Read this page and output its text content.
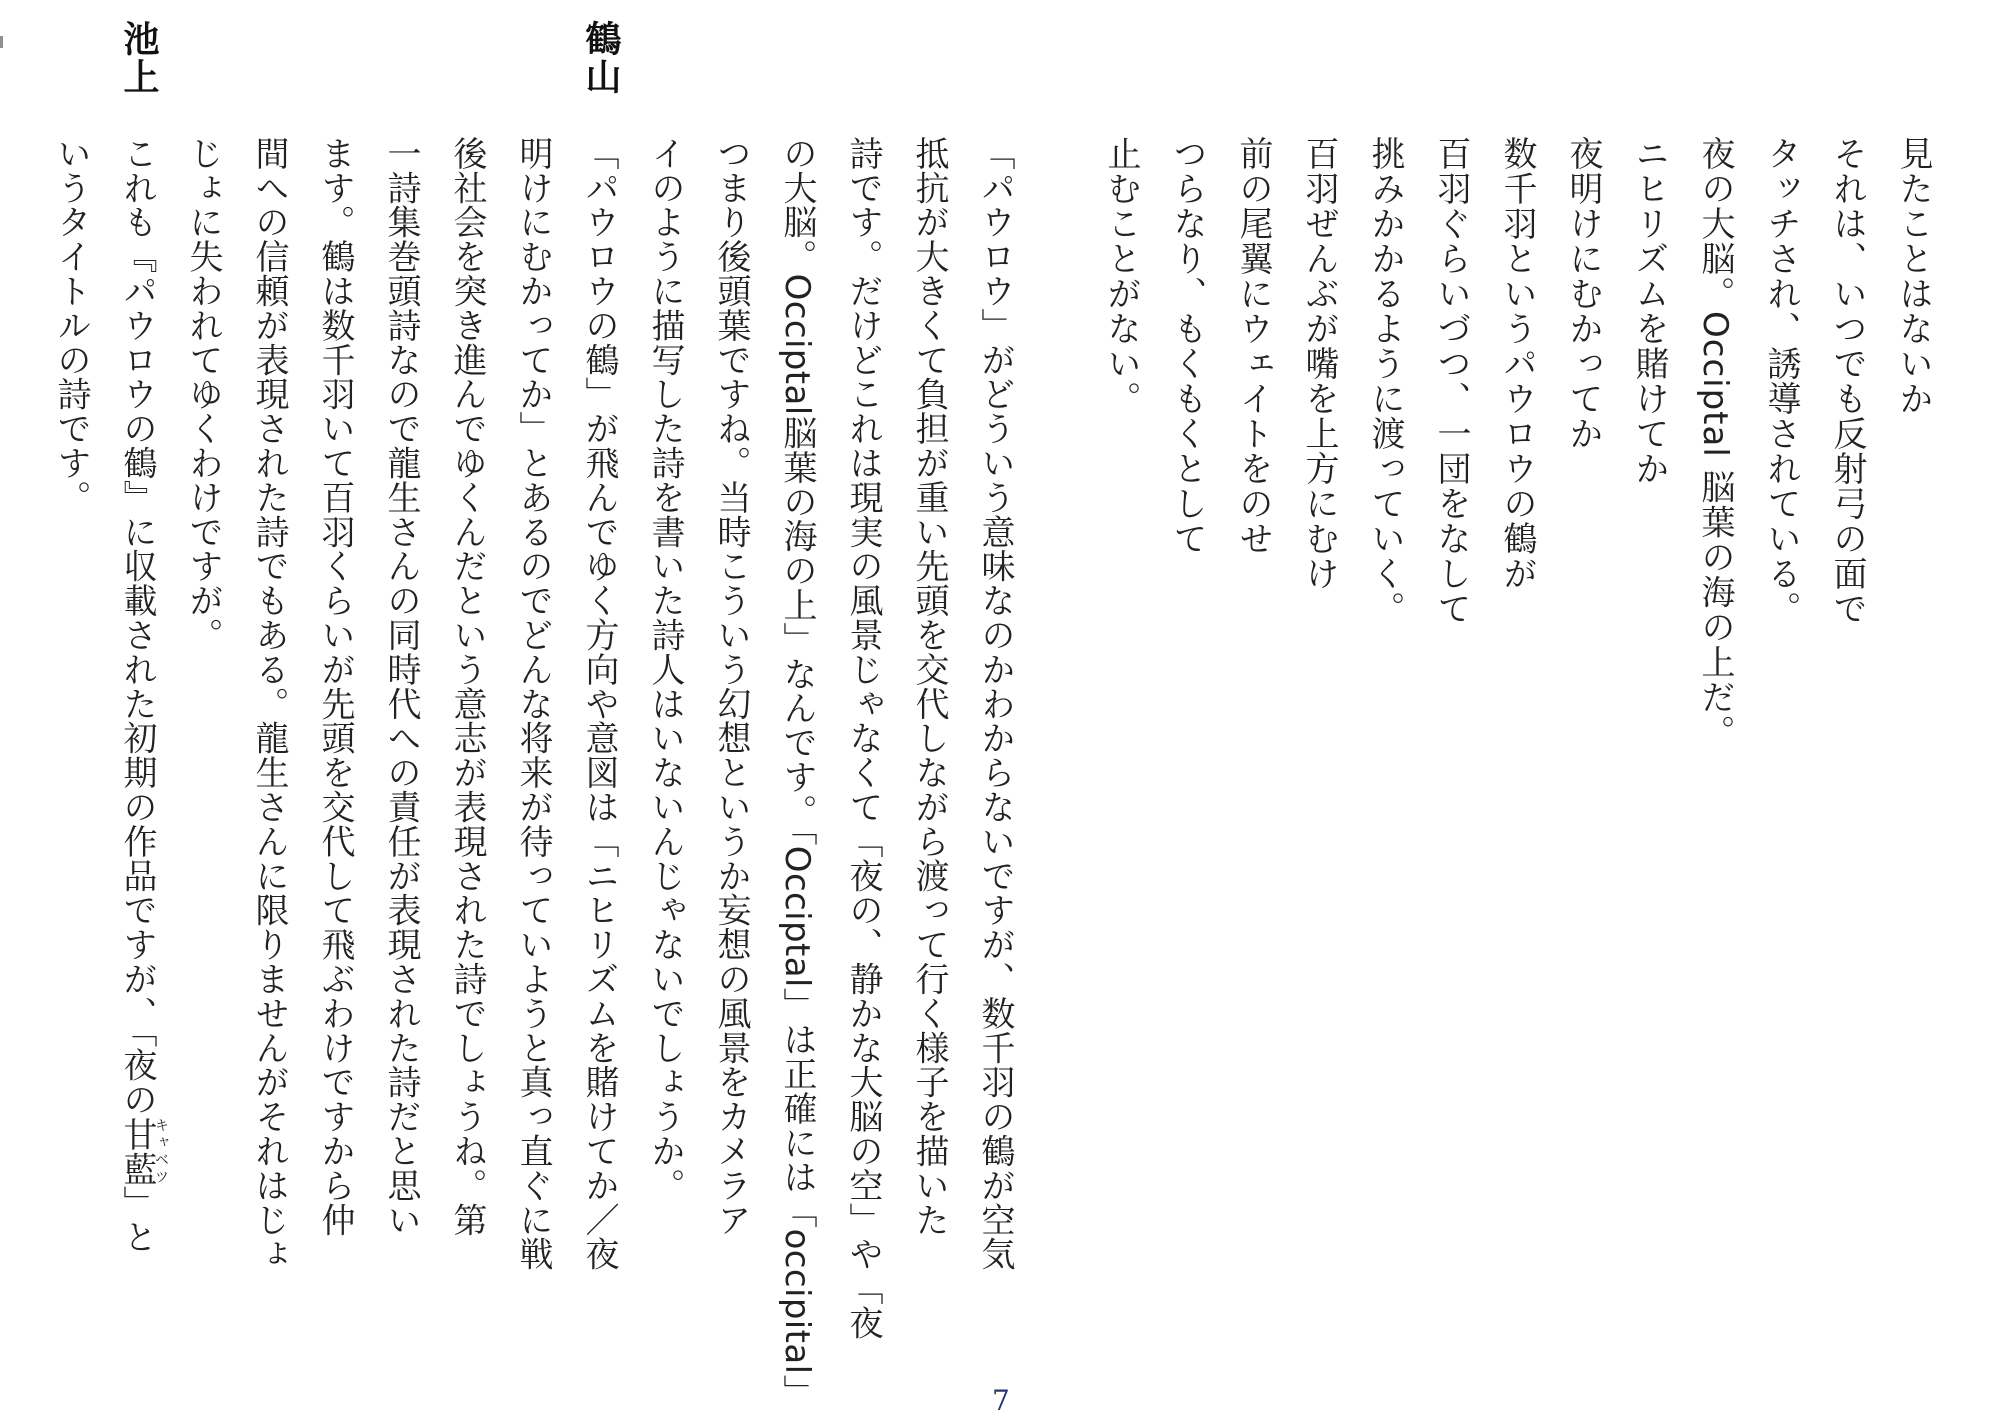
見たことはないか
それは、いつでも反射弓の面で
タッチされ、誘導されている。
夜の大脳。Occiptal 脳葉の海の上だ。
ニヒリズムを賭けてか
夜明けにむかってか
数千羽というパウロウの鶴が
百羽ぐらいづつ、一団をなして
挑みかかるように渡っていく。
百羽ぜんぶが嘴を上方にむけ
前の尾翼にウェイトをのせ
つらなり、もくもくとして
止むことがない。
鶴山
「パウロウ」がどういう意味なのかわからないですが、数千羽の鶴が空気
抵抗が大きくて負担が重い先頭を交代しながら渡って行く様子を描いた
詩です。だけどこれは現実の風景じゃなくて「夜の、静かな大脳の空」や「夜
の大脳。Occiptal脳葉の海の上」なんです。「Occiptal」は正確には「occipital」
つまり後頭葉ですね。当時こういう幻想というか妄想の風景をカメラア
イのように描写した詩を書いた詩人はいないんじゃないでしょうか。
「パウロウの鶴」が飛んでゆく方向や意図は「ニヒリズムを賭けてか／夜
明けにむかってか」とあるのでどんな将来が待っていようと真っ直ぐに戦
後社会を突き進んでゆくんだという意志が表現された詩でしょうね。第
一詩集巻頭詩なので龍生さんの同時代への責任が表現された詩だと思い
ます。鶴は数千羽いて百羽くらいが先頭を交代して飛ぶわけですから仲
間への信頼が表現された詩でもある。龍生さんに限りませんがそれはじょ
じょに失われてゆくわけですが。
池上
これも『パウロウの鶴』に収載された初期の作品ですが、「夜の甘藍キャベツ」と
いうタイトルの詩です。
7
